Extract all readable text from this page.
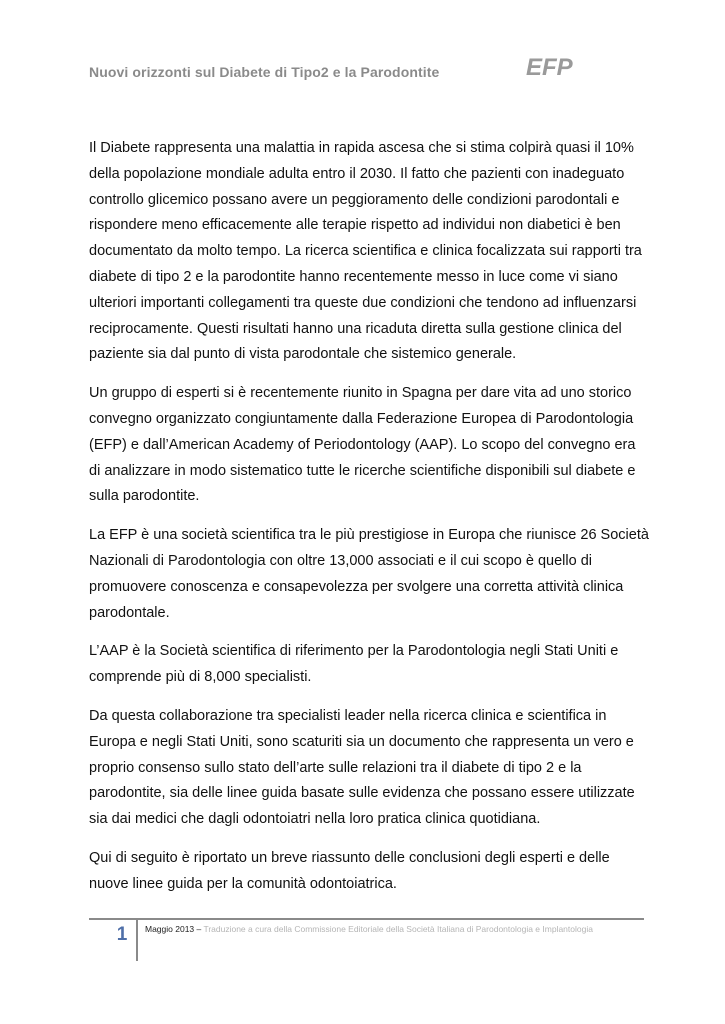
Nuovi orizzonti sul Diabete di Tipo2 e la Parodontite	EFP

Il Diabete rappresenta una malattia in rapida ascesa che si stima colpirà quasi il 10% della popolazione mondiale adulta entro il 2030. Il fatto che pazienti con inadeguato controllo glicemico possano avere un peggioramento delle condizioni parodontali e rispondere meno efficacemente alle terapie rispetto ad individui non diabetici è ben documentato da molto tempo. La ricerca scientifica e clinica focalizzata sui rapporti tra diabete di tipo 2 e la parodontite hanno recentemente messo in luce come vi siano ulteriori importanti collegamenti tra queste due condizioni che tendono ad influenzarsi reciprocamente. Questi risultati hanno una ricaduta diretta sulla gestione clinica del paziente sia dal punto di vista parodontale che sistemico generale.

Un gruppo di esperti si è recentemente riunito in Spagna per dare vita ad uno storico convegno organizzato congiuntamente dalla Federazione Europea di Parodontologia (EFP) e dall’American Academy of Periodontology (AAP). Lo scopo del convegno era di analizzare in modo sistematico tutte le ricerche scientifiche disponibili sul diabete e sulla parodontite.

La EFP è una società scientifica tra le più prestigiose in Europa che riunisce 26 Società Nazionali di Parodontologia con oltre 13,000 associati e il cui scopo è quello di promuovere conoscenza e consapevolezza per svolgere una corretta attività clinica parodontale.

L’AAP è la Società scientifica di riferimento per la Parodontologia negli Stati Uniti e comprende più di 8,000 specialisti.

Da questa collaborazione tra specialisti leader nella ricerca clinica e scientifica in Europa e negli Stati Uniti, sono scaturiti sia un documento che rappresenta un vero e proprio consenso sullo stato dell’arte sulle relazioni tra il diabete di tipo 2 e la parodontite, sia delle linee guida basate sulle evidenza che possano essere utilizzate sia dai medici che dagli odontoiatri nella loro pratica clinica quotidiana.

Qui di seguito è riportato un breve riassunto delle conclusioni degli esperti e delle nuove linee guida per la comunità odontoiatrica.

1	Maggio 2013 – Traduzione a cura della Commissione Editoriale della Società Italiana di Parodontologia e Implantologia
